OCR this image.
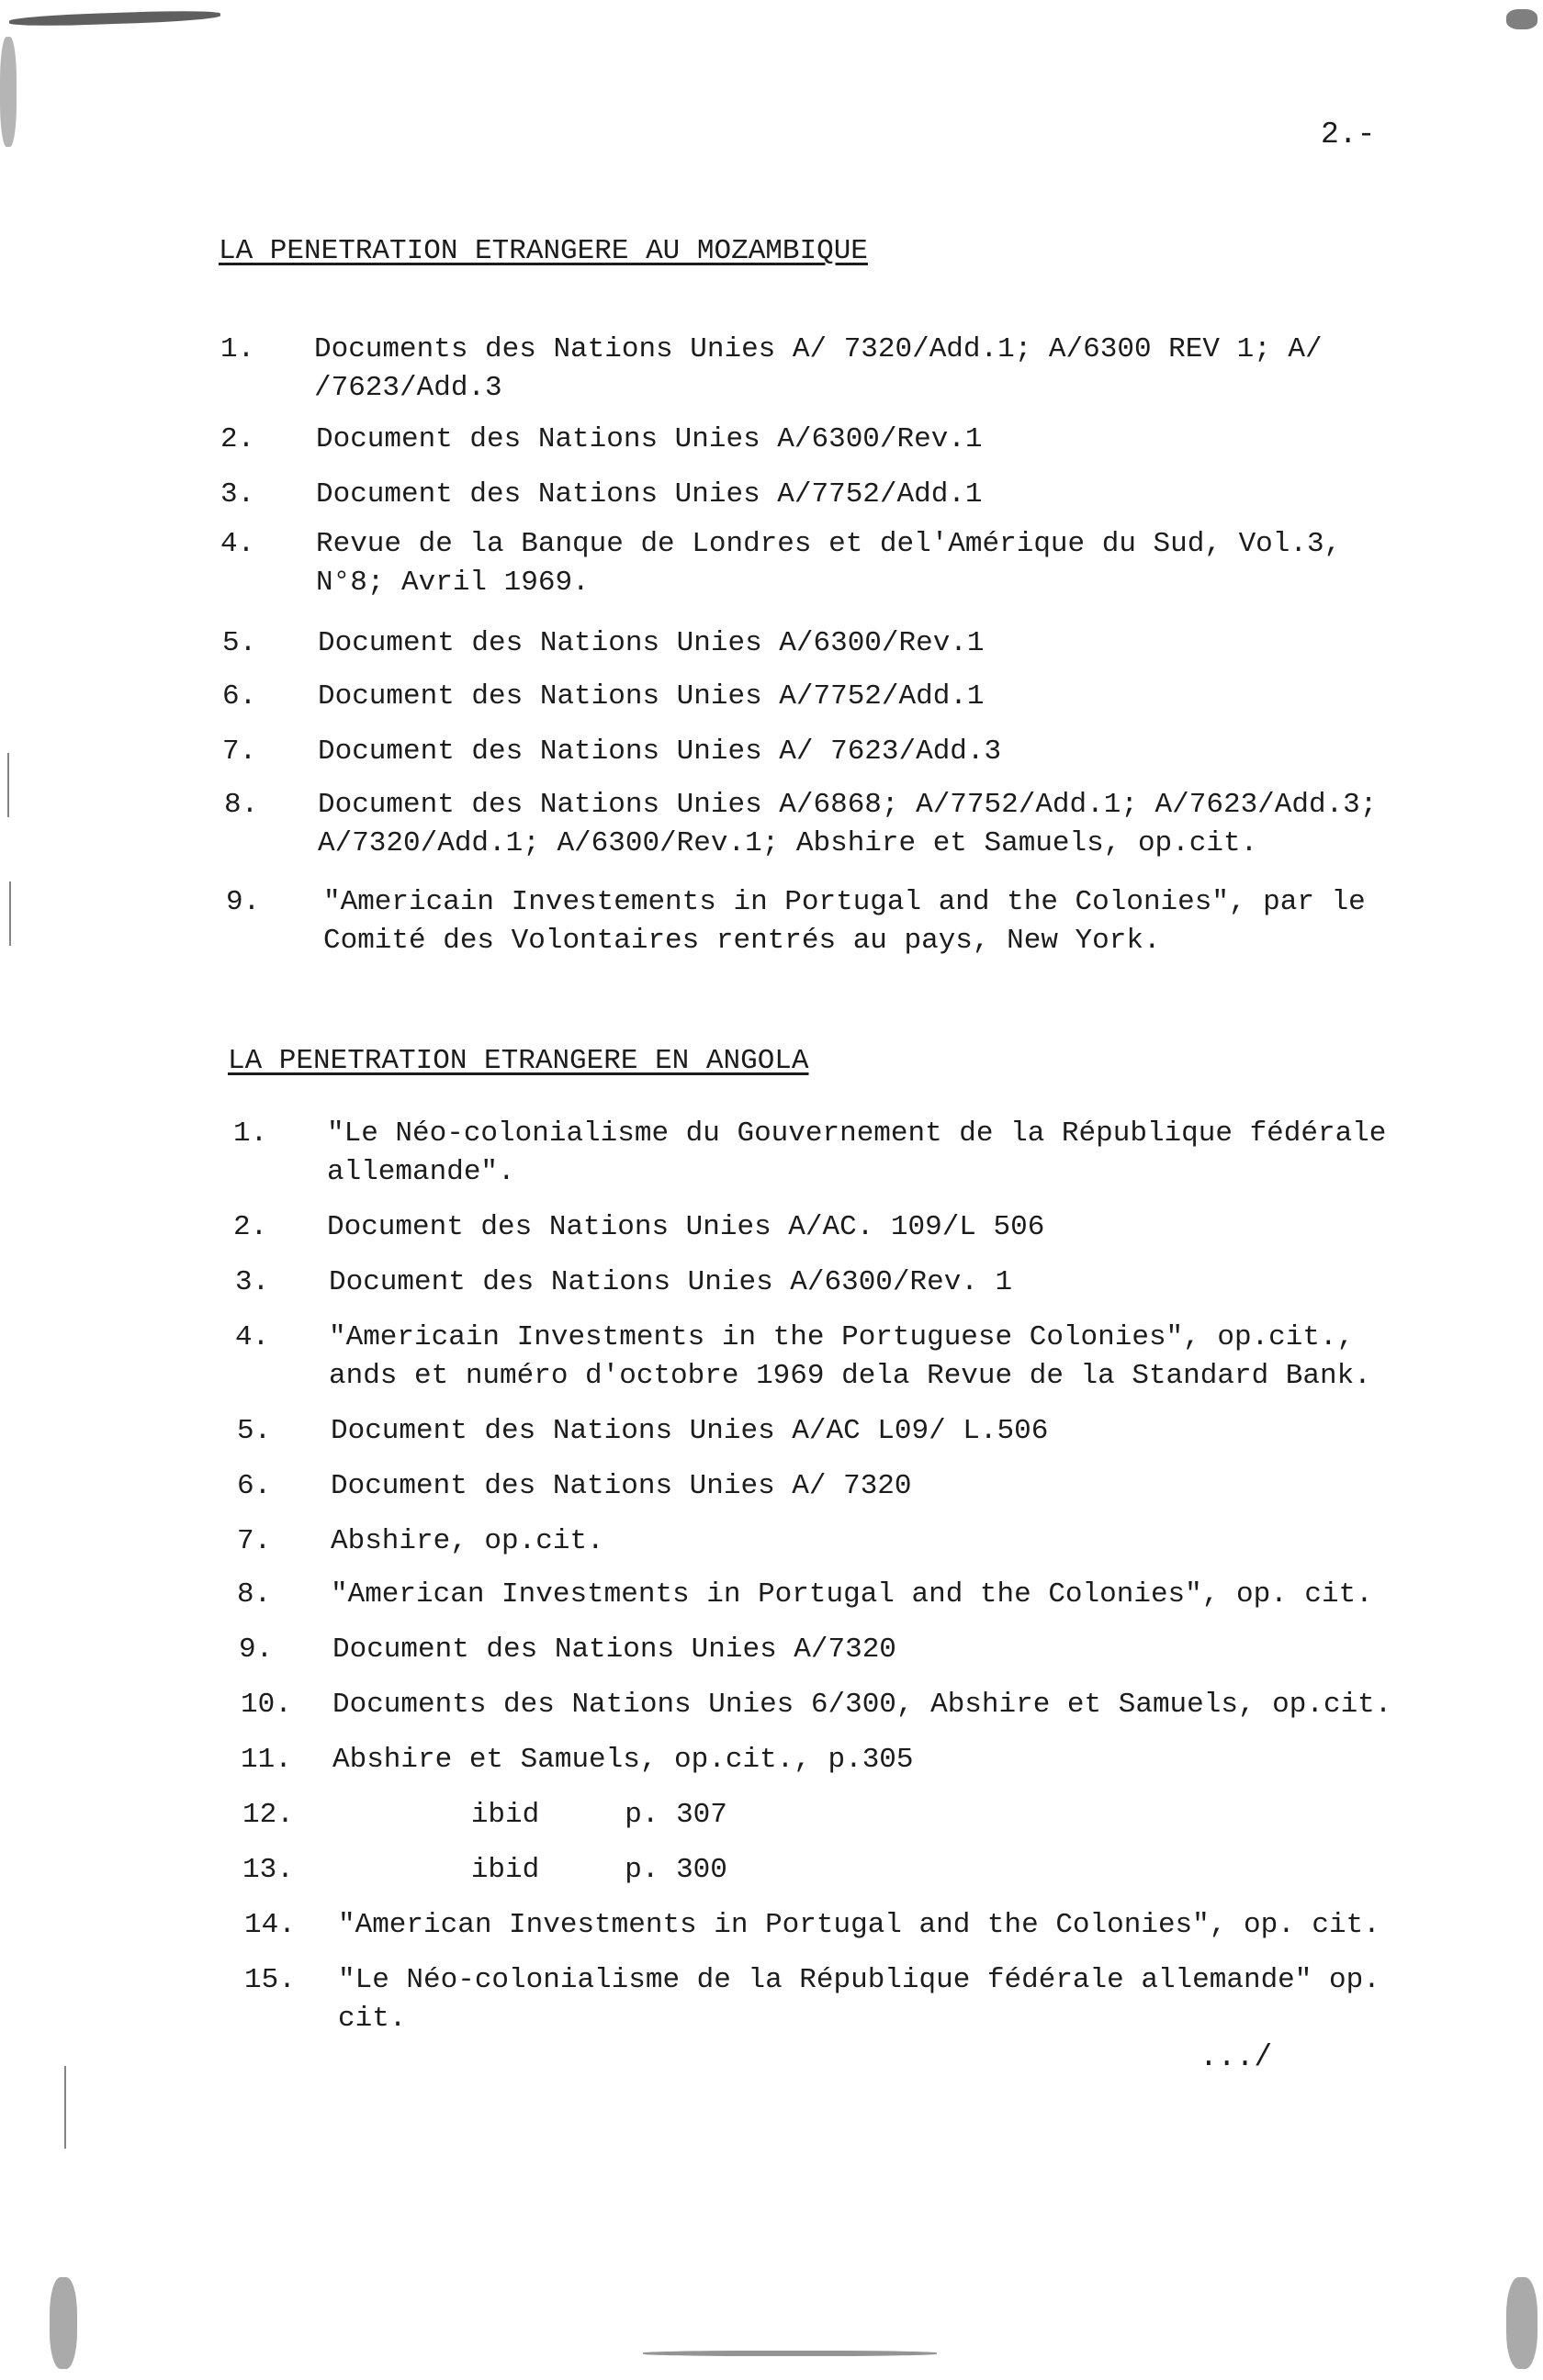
2.-
LA PENETRATION ETRANGERE AU MOZAMBIQUE
1. Documents des Nations Unies A/ 7320/Add.1; A/6300 REV 1; A/
/7623/Add.3
2. Document des Nations Unies A/6300/Rev.1
3. Document des Nations Unies A/7752/Add.1
4. Revue de la Banque de Londres et del'Amérique du Sud, Vol.3,
N°8; Avril 1969.
5. Document des Nations Unies A/6300/Rev.1
6. Document des Nations Unies A/7752/Add.1
7. Document des Nations Unies A/ 7623/Add.3
8. Document des Nations Unies A/6868; A/7752/Add.1; A/7623/Add.3;
A/7320/Add.1; A/6300/Rev.1; Abshire et Samuels, op.cit.
9. "Americain Investements in Portugal and the Colonies", par le
Comité des Volontaires rentrés au pays, New York.
LA PENETRATION ETRANGERE EN ANGOLA
1. "Le Néo-colonialisme du Gouvernement de la République fédérale
allemande".
2. Document des Nations Unies A/AC. 109/L 506
3. Document des Nations Unies A/6300/Rev. 1
4. "Americain Investments in the Portuguese Colonies", op.cit.,
ands et numéro d'octobre 1969 dela Revue de la Standard Bank.
5. Document des Nations Unies A/AC L09/ L.506
6. Document des Nations Unies A/ 7320
7. Abshire, op.cit.
8. "American Investments in Portugal and the Colonies", op. cit.
9. Document des Nations Unies A/7320
10. Documents des Nations Unies 6/300, Abshire et Samuels, op.cit.
11. Abshire et Samuels, op.cit., p.305
12. ibid     p. 307
13. ibid     p. 300
14. "American Investments in Portugal and the Colonies", op. cit.
15. "Le Néo-colonialisme de la République fédérale allemande" op.
cit.
.../
